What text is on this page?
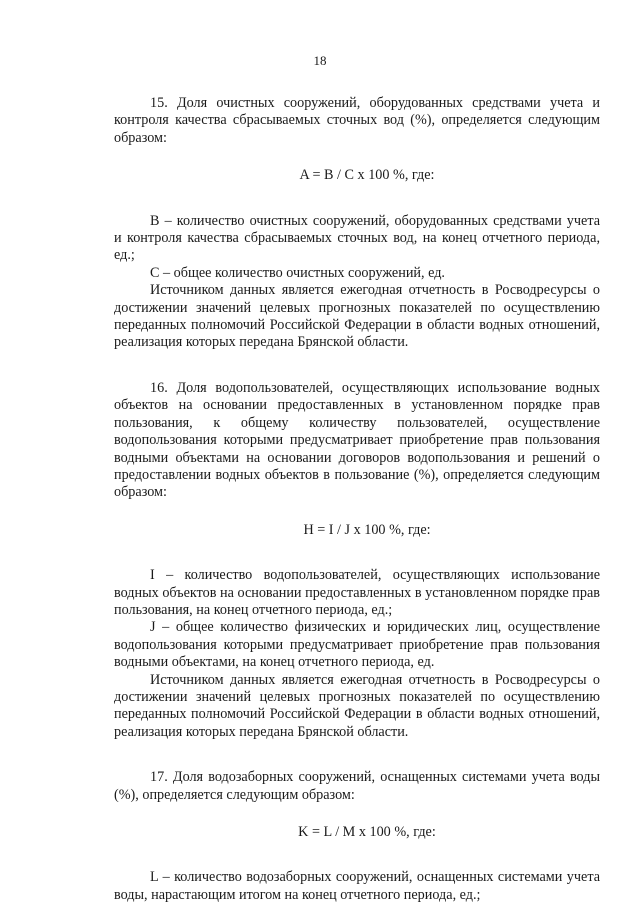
18

15. Доля очистных сооружений, оборудованных средствами учета и контроля качества сбрасываемых сточных вод (%), определяется следующим образом:

A = B / C x 100 %, где:

B – количество очистных сооружений, оборудованных средствами учета и контроля качества сбрасываемых сточных вод, на конец отчетного периода, ед.;

C – общее количество очистных сооружений, ед.

Источником данных является ежегодная отчетность в Росводресурсы о достижении значений целевых прогнозных показателей по осуществлению переданных полномочий Российской Федерации в области водных отношений, реализация которых передана Брянской области.

16. Доля водопользователей, осуществляющих использование водных объектов на основании предоставленных в установленном порядке прав пользования, к общему количеству пользователей, осуществление водопользования которыми предусматривает приобретение прав пользования водными объектами на основании договоров водопользования и решений о предоставлении водных объектов в пользование (%), определяется следующим образом:

H = I / J x 100 %, где:

I – количество водопользователей, осуществляющих использование водных объектов на основании предоставленных в установленном порядке прав пользования, на конец отчетного периода, ед.;

J – общее количество физических и юридических лиц, осуществление водопользования которыми предусматривает приобретение прав пользования водными объектами, на конец отчетного периода, ед.

Источником данных является ежегодная отчетность в Росводресурсы о достижении значений целевых прогнозных показателей по осуществлению переданных полномочий Российской Федерации в области водных отношений, реализация которых передана Брянской области.

17. Доля водозаборных сооружений, оснащенных системами учета воды (%), определяется следующим образом:

K = L / M x 100 %, где:

L – количество водозаборных сооружений, оснащенных системами учета воды, нарастающим итогом на конец отчетного периода, ед.;
